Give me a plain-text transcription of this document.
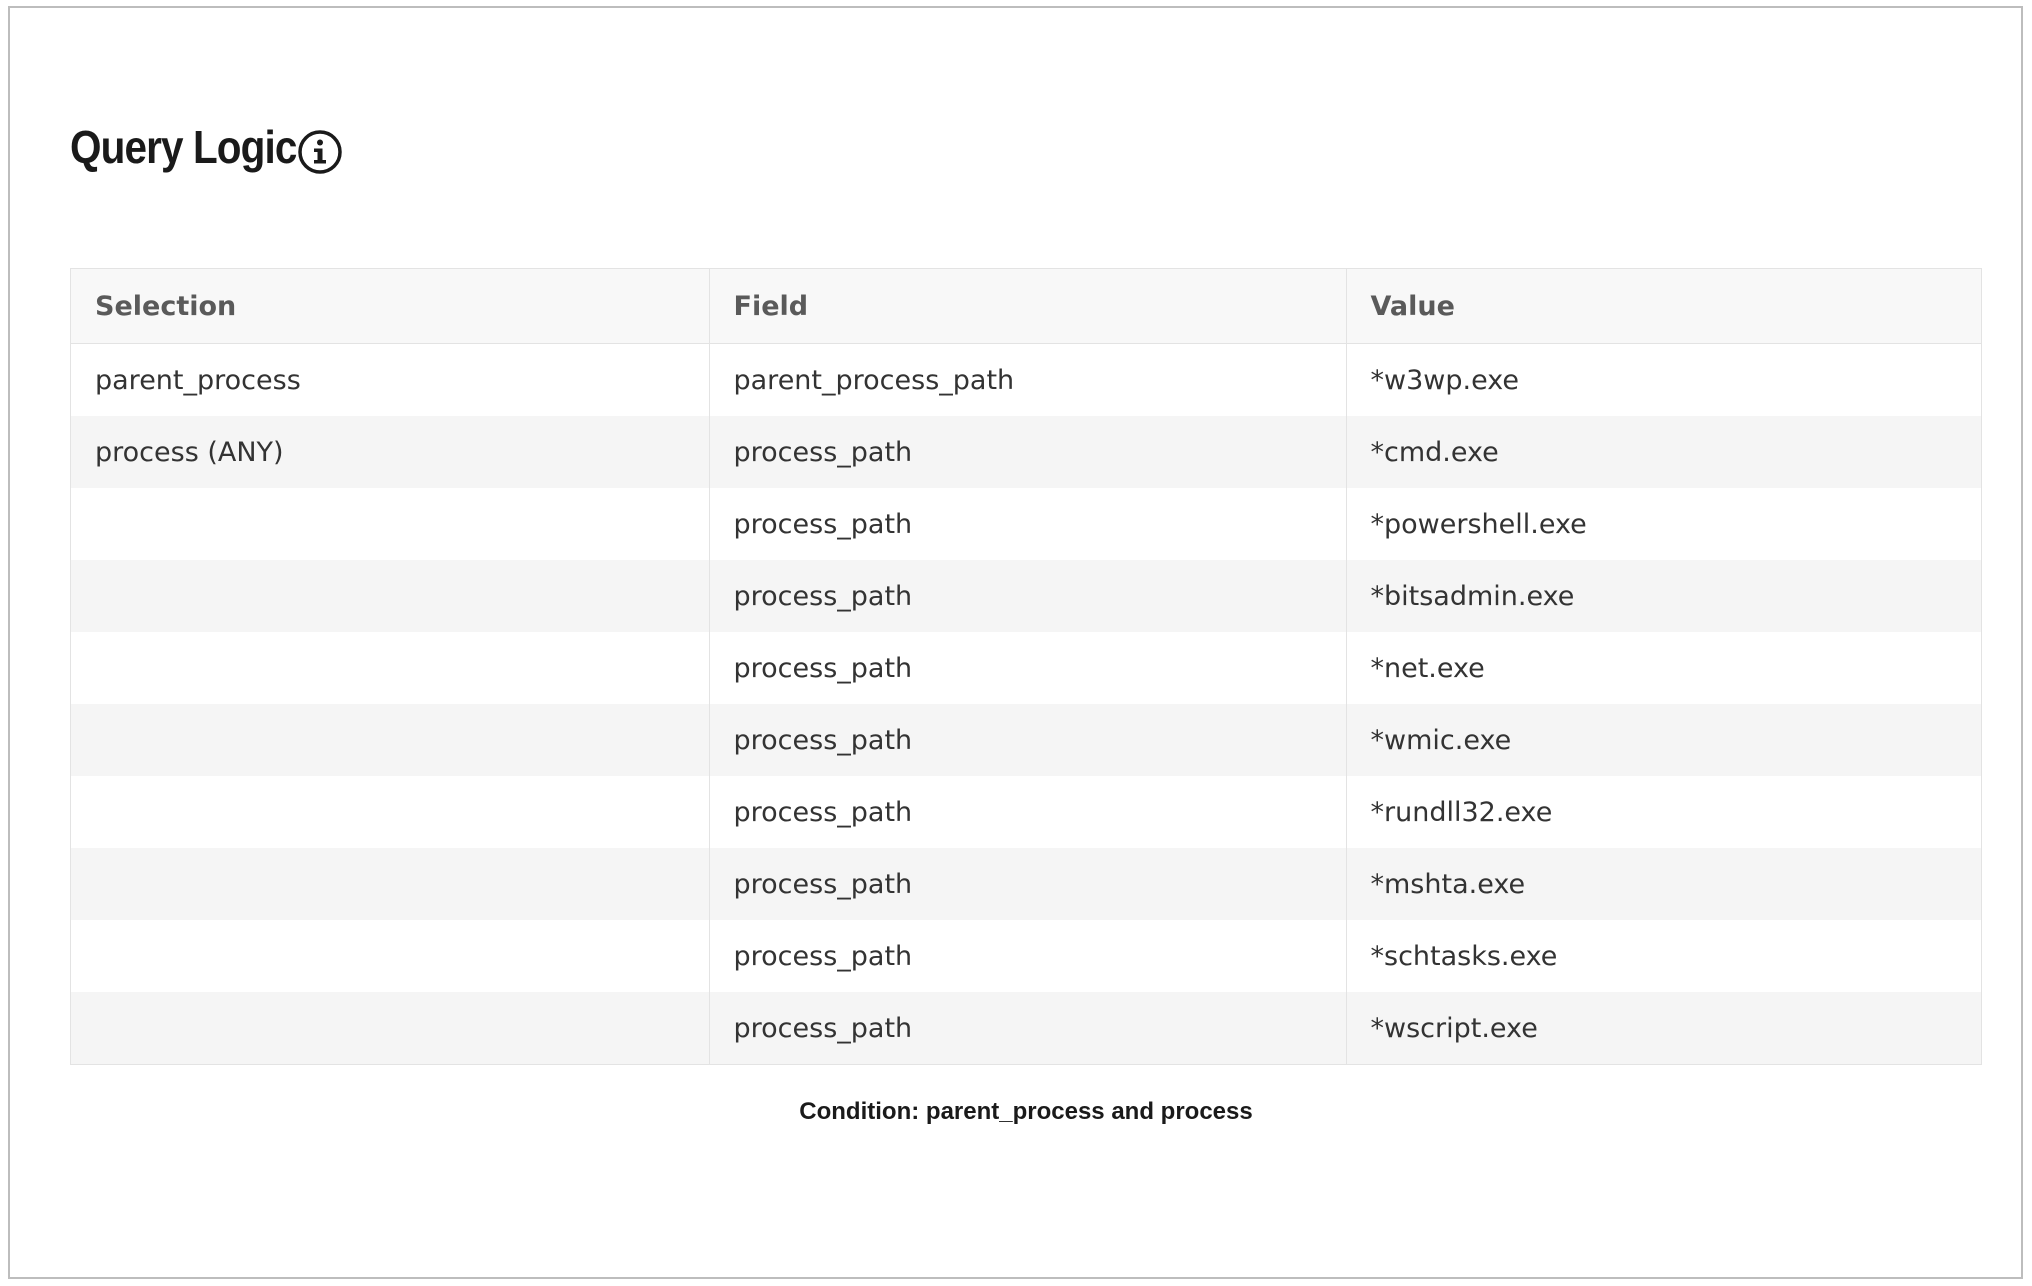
Query Logic
Selection	Field	Value
parent_process	parent_process_path	*w3wp.exe
process (ANY)	process_path	*cmd.exe
	process_path	*powershell.exe
	process_path	*bitsadmin.exe
	process_path	*net.exe
	process_path	*wmic.exe
	process_path	*rundll32.exe
	process_path	*mshta.exe
	process_path	*schtasks.exe
	process_path	*wscript.exe
Condition: parent_process and process
